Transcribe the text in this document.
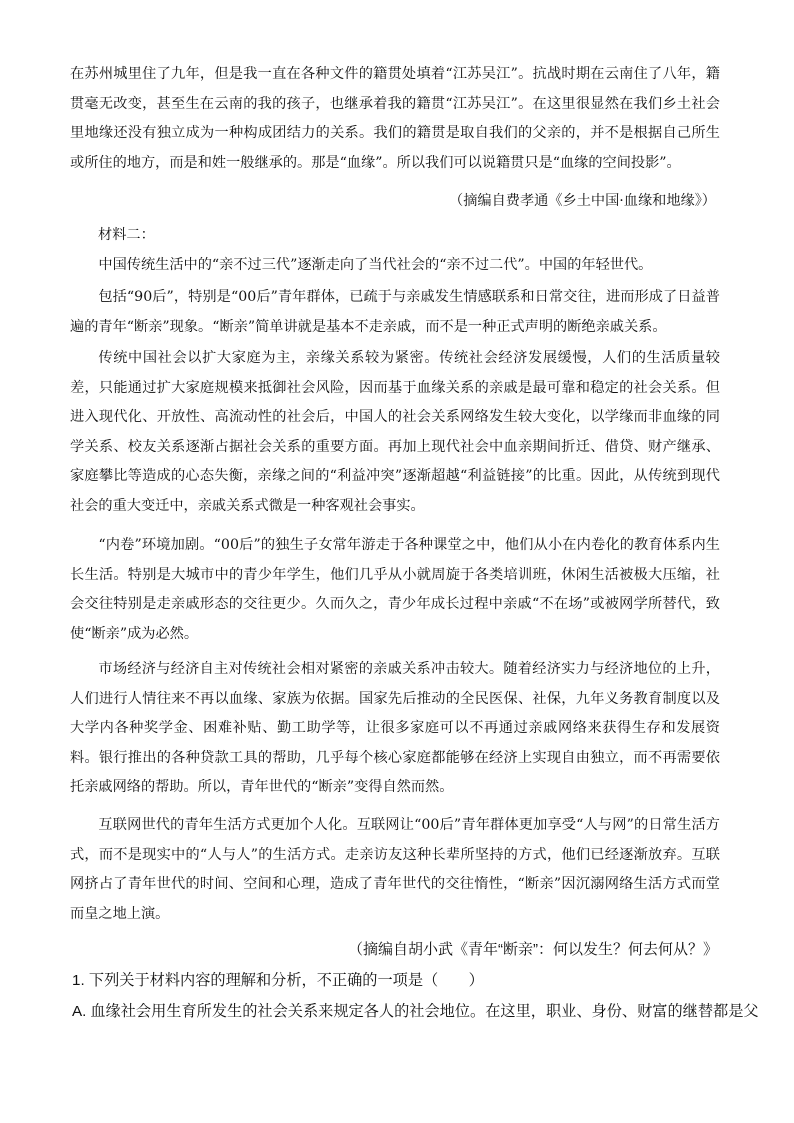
在苏州城里住了九年，但是我一直在各种文件的籍贯处填着“江苏吴江”。抗战时期在云南住了八年，籍贯毫无改变，甚至生在云南的我的孩子，也继承着我的籍贯“江苏吴江”。在这里很显然在我们乡土社会里地缘还没有独立成为一种构成团结力的关系。我们的籍贯是取自我们的父亲的，并不是根据自己所生或所住的地方，而是和姓一般继承的。那是“血缘”。所以我们可以说籍贯只是“血缘的空间投影”。

（摘编自费孝通《乡土中国·血缘和地缘》）

材料二：

中国传统生活中的“亲不过三代”逐渐走向了当代社会的“亲不过二代”。中国的年轻世代。

包括“90后”，特别是“00后”青年群体，已疏于与亲戚发生情感联系和日常交往，进而形成了日益普遍的青年“断亲”现象。“断亲”简单讲就是基本不走亲戚，而不是一种正式声明的断绝亲戚关系。

传统中国社会以扩大家庭为主，亲缘关系较为紧密。传统社会经济发展缓慢，人们的生活质量较差，只能通过扩大家庭规模来抵御社会风险，因而基于血缘关系的亲戚是最可靠和稳定的社会关系。但进入现代化、开放性、高流动性的社会后，中国人的社会关系网络发生较大变化，以学缘而非血缘的同学关系、校友关系逐渐占据社会关系的重要方面。再加上现代社会中血亲期间折迁、借贷、财产继承、家庭攀比等造成的心态失衡，亲缘之间的“利益冲突”逐渐超越“利益链接”的比重。因此，从传统到现代社会的重大变迁中，亲戚关系式微是一种客观社会事实。

“内卷”环境加剧。“00后”的独生子女常年游走于各种课堂之中，他们从小在内卷化的教育体系内生长生活。特别是大城市中的青少年学生，他们几乎从小就周旋于各类培训班，休闲生活被极大压缩，社会交往特别是走亲戚形态的交往更少。久而久之，青少年成长过程中亲戚“不在场”或被网学所替代，致使“断亲”成为必然。

市场经济与经济自主对传统社会相对紧密的亲戚关系冲击较大。随着经济实力与经济地位的上升，人们进行人情往来不再以血缘、家族为依据。国家先后推动的全民医保、社保，九年义务教育制度以及大学内各种奖学金、困难补贴、勤工助学等，让很多家庭可以不再通过亲戚网络来获得生存和发展资料。银行推出的各种贷款工具的帮助，几乎每个核心家庭都能够在经济上实现自由独立，而不再需要依托亲戚网络的帮助。所以，青年世代的“断亲”变得自然而然。

互联网世代的青年生活方式更加个人化。互联网让“00后”青年群体更加享受“人与网”的日常生活方式，而不是现实中的“人与人”的生活方式。走亲访友这种长辈所坚持的方式，他们已经逐渐放弃。互联网挤占了青年世代的时间、空间和心理，造成了青年世代的交往惰性，“断亲”因沉溺网络生活方式而堂而皇之地上演。

（摘编自胡小武《青年“断亲”：何以发生？何去何从？》

1. 下列关于材料内容的理解和分析，不正确的一项是（　　）

A. 血缘社会用生育所发生的社会关系来规定各人的社会地位。在这里，职业、身份、财富的继替都是父
